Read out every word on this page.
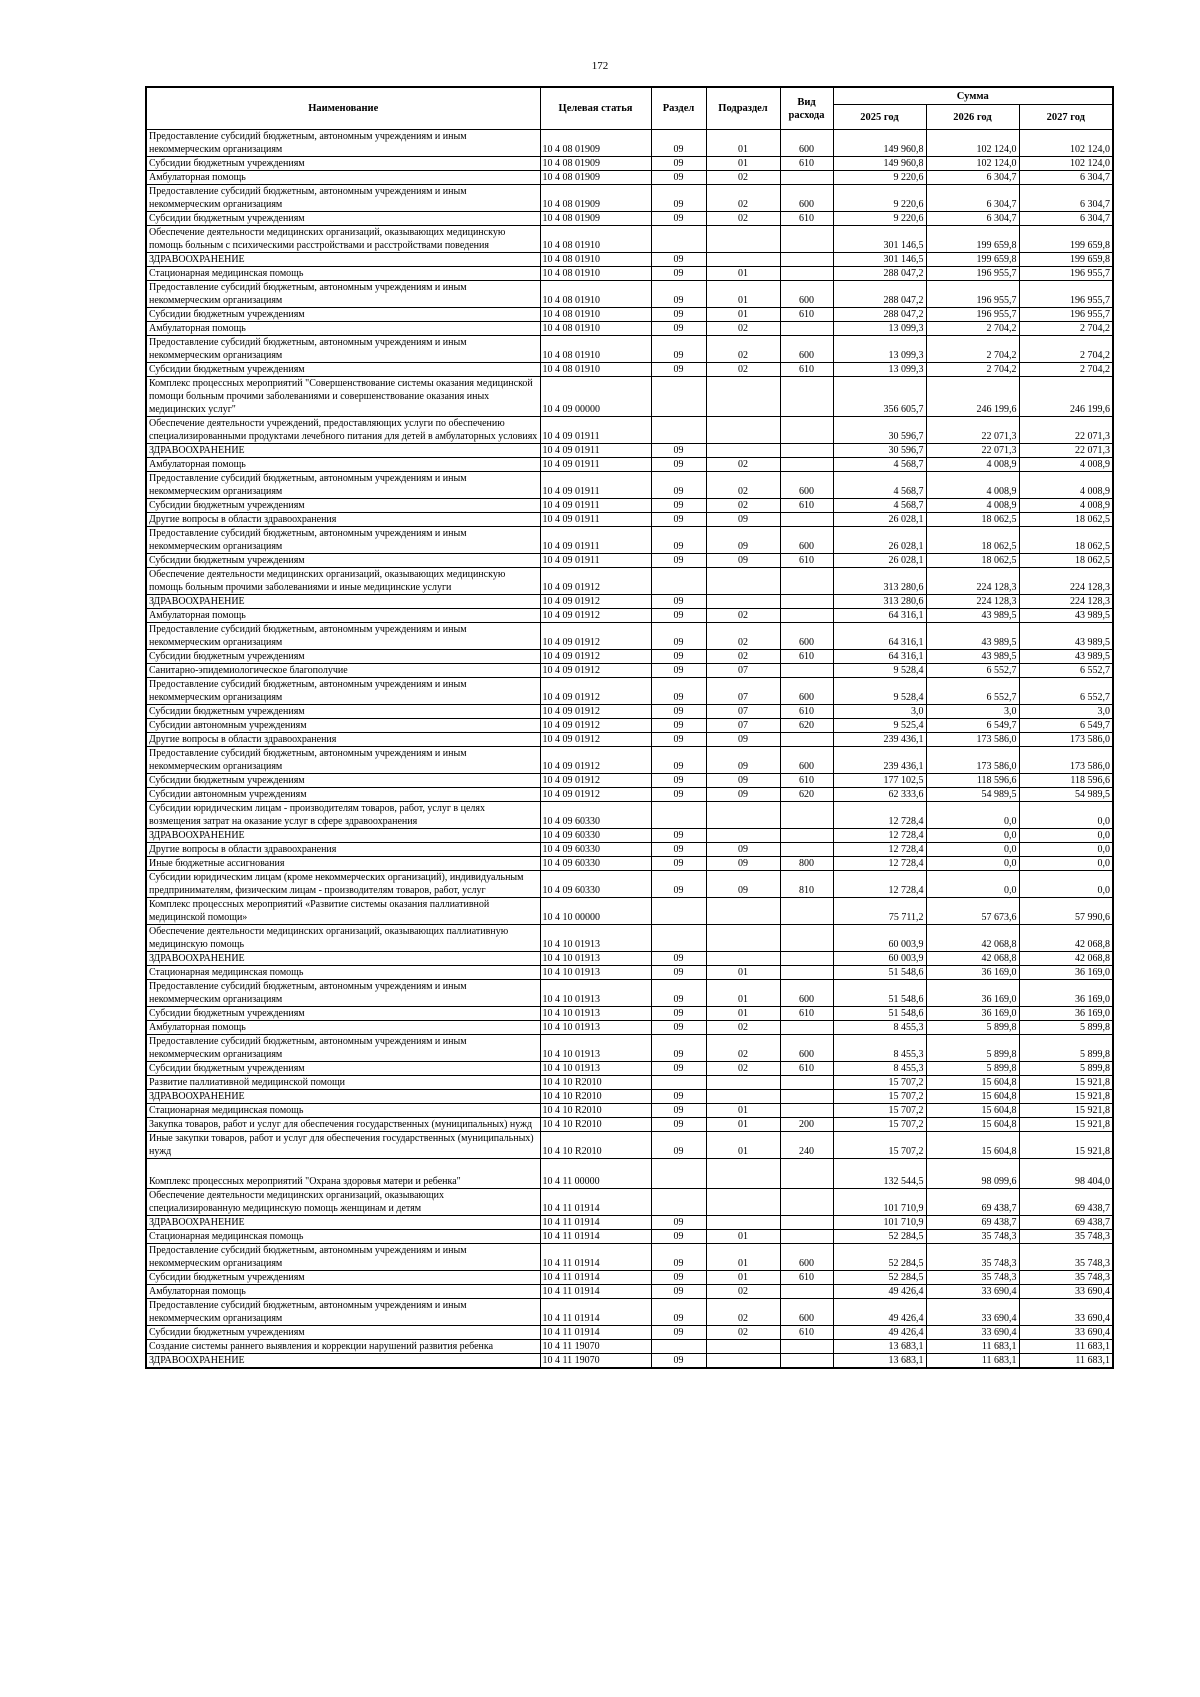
172
Наименование	Целевая статья	Раздел	Подраздел	Вид расхода	Сумма		
					2025 год	2026 год	2027 год
Предоставление субсидий бюджетным, автономным учреждениям и иным некоммерческим организациям	10 4 08 01909	09	01	600	149 960,8	102 124,0	102 124,0
Субсидии бюджетным учреждениям	10 4 08 01909	09	01	610	149 960,8	102 124,0	102 124,0
Амбулаторная помощь	10 4 08 01909	09	02		9 220,6	6 304,7	6 304,7
Предоставление субсидий бюджетным, автономным учреждениям и иным некоммерческим организациям	10 4 08 01909	09	02	600	9 220,6	6 304,7	6 304,7
Субсидии бюджетным учреждениям	10 4 08 01909	09	02	610	9 220,6	6 304,7	6 304,7
Обеспечение деятельности медицинских организаций, оказывающих медицинскую помощь больным с психическими расстройствами и расстройствами поведения	10 4 08 01910				301 146,5	199 659,8	199 659,8
ЗДРАВООХРАНЕНИЕ	10 4 08 01910	09			301 146,5	199 659,8	199 659,8
Стационарная медицинская помощь	10 4 08 01910	09	01		288 047,2	196 955,7	196 955,7
Предоставление субсидий бюджетным, автономным учреждениям и иным некоммерческим организациям	10 4 08 01910	09	01	600	288 047,2	196 955,7	196 955,7
Субсидии бюджетным учреждениям	10 4 08 01910	09	01	610	288 047,2	196 955,7	196 955,7
Амбулаторная помощь	10 4 08 01910	09	02		13 099,3	2 704,2	2 704,2
Предоставление субсидий бюджетным, автономным учреждениям и иным некоммерческим организациям	10 4 08 01910	09	02	600	13 099,3	2 704,2	2 704,2
Субсидии бюджетным учреждениям	10 4 08 01910	09	02	610	13 099,3	2 704,2	2 704,2
Комплекс процессных мероприятий "Совершенствование системы оказания медицинской помощи больным прочими заболеваниями и совершенствование оказания иных медицинских услуг"	10 4 09 00000				356 605,7	246 199,6	246 199,6
Обеспечение деятельности учреждений, предоставляющих услуги по обеспечению специализированными продуктами лечебного питания для детей в амбулаторных условиях	10 4 09 01911				30 596,7	22 071,3	22 071,3
ЗДРАВООХРАНЕНИЕ	10 4 09 01911	09			30 596,7	22 071,3	22 071,3
Амбулаторная помощь	10 4 09 01911	09	02		4 568,7	4 008,9	4 008,9
Предоставление субсидий бюджетным, автономным учреждениям и иным некоммерческим организациям	10 4 09 01911	09	02	600	4 568,7	4 008,9	4 008,9
Субсидии бюджетным учреждениям	10 4 09 01911	09	02	610	4 568,7	4 008,9	4 008,9
Другие вопросы в области здравоохранения	10 4 09 01911	09	09		26 028,1	18 062,5	18 062,5
Предоставление субсидий бюджетным, автономным учреждениям и иным некоммерческим организациям	10 4 09 01911	09	09	600	26 028,1	18 062,5	18 062,5
Субсидии бюджетным учреждениям	10 4 09 01911	09	09	610	26 028,1	18 062,5	18 062,5
Обеспечение деятельности медицинских организаций, оказывающих медицинскую помощь больным прочими заболеваниями и иные медицинские услуги	10 4 09 01912				313 280,6	224 128,3	224 128,3
ЗДРАВООХРАНЕНИЕ	10 4 09 01912	09			313 280,6	224 128,3	224 128,3
Амбулаторная помощь	10 4 09 01912	09	02		64 316,1	43 989,5	43 989,5
Предоставление субсидий бюджетным, автономным учреждениям и иным некоммерческим организациям	10 4 09 01912	09	02	600	64 316,1	43 989,5	43 989,5
Субсидии бюджетным учреждениям	10 4 09 01912	09	02	610	64 316,1	43 989,5	43 989,5
Санитарно-эпидемиологическое благополучие	10 4 09 01912	09	07		9 528,4	6 552,7	6 552,7
Предоставление субсидий бюджетным, автономным учреждениям и иным некоммерческим организациям	10 4 09 01912	09	07	600	9 528,4	6 552,7	6 552,7
Субсидии бюджетным учреждениям	10 4 09 01912	09	07	610	3,0	3,0	3,0
Субсидии автономным учреждениям	10 4 09 01912	09	07	620	9 525,4	6 549,7	6 549,7
Другие вопросы в области здравоохранения	10 4 09 01912	09	09		239 436,1	173 586,0	173 586,0
Предоставление субсидий бюджетным, автономным учреждениям и иным некоммерческим организациям	10 4 09 01912	09	09	600	239 436,1	173 586,0	173 586,0
Субсидии бюджетным учреждениям	10 4 09 01912	09	09	610	177 102,5	118 596,6	118 596,6
Субсидии автономным учреждениям	10 4 09 01912	09	09	620	62 333,6	54 989,5	54 989,5
Субсидии юридическим лицам - производителям товаров, работ, услуг в целях возмещения затрат на оказание услуг в сфере здравоохранения	10 4 09 60330				12 728,4	0,0	0,0
ЗДРАВООХРАНЕНИЕ	10 4 09 60330	09			12 728,4	0,0	0,0
Другие вопросы в области здравоохранения	10 4 09 60330	09	09		12 728,4	0,0	0,0
Иные бюджетные ассигнования	10 4 09 60330	09	09	800	12 728,4	0,0	0,0
Субсидии юридическим лицам (кроме некоммерческих организаций), индивидуальным предпринимателям, физическим лицам - производителям товаров, работ, услуг	10 4 09 60330	09	09	810	12 728,4	0,0	0,0
Комплекс процессных мероприятий «Развитие системы оказания паллиативной медицинской помощи»	10 4 10 00000				75 711,2	57 673,6	57 990,6
Обеспечение деятельности медицинских организаций, оказывающих паллиативную медицинскую помощь	10 4 10 01913				60 003,9	42 068,8	42 068,8
ЗДРАВООХРАНЕНИЕ	10 4 10 01913	09			60 003,9	42 068,8	42 068,8
Стационарная медицинская помощь	10 4 10 01913	09	01		51 548,6	36 169,0	36 169,0
Предоставление субсидий бюджетным, автономным учреждениям и иным некоммерческим организациям	10 4 10 01913	09	01	600	51 548,6	36 169,0	36 169,0
Субсидии бюджетным учреждениям	10 4 10 01913	09	01	610	51 548,6	36 169,0	36 169,0
Амбулаторная помощь	10 4 10 01913	09	02		8 455,3	5 899,8	5 899,8
Предоставление субсидий бюджетным, автономным учреждениям и иным некоммерческим организациям	10 4 10 01913	09	02	600	8 455,3	5 899,8	5 899,8
Субсидии бюджетным учреждениям	10 4 10 01913	09	02	610	8 455,3	5 899,8	5 899,8
Развитие паллиативной медицинской помощи	10 4 10 R2010				15 707,2	15 604,8	15 921,8
ЗДРАВООХРАНЕНИЕ	10 4 10 R2010	09			15 707,2	15 604,8	15 921,8
Стационарная медицинская помощь	10 4 10 R2010	09	01		15 707,2	15 604,8	15 921,8
Закупка товаров, работ и услуг для обеспечения государственных (муниципальных) нужд	10 4 10 R2010	09	01	200	15 707,2	15 604,8	15 921,8
Иные закупки товаров, работ и услуг для обеспечения государственных (муниципальных) нужд	10 4 10 R2010	09	01	240	15 707,2	15 604,8	15 921,8
Комплекс процессных мероприятий "Охрана здоровья матери и ребенка"	10 4 11 00000				132 544,5	98 099,6	98 404,0
Обеспечение деятельности медицинских организаций, оказывающих специализированную медицинскую помощь женщинам и детям	10 4 11 01914				101 710,9	69 438,7	69 438,7
ЗДРАВООХРАНЕНИЕ	10 4 11 01914	09			101 710,9	69 438,7	69 438,7
Стационарная медицинская помощь	10 4 11 01914	09	01		52 284,5	35 748,3	35 748,3
Предоставление субсидий бюджетным, автономным учреждениям и иным некоммерческим организациям	10 4 11 01914	09	01	600	52 284,5	35 748,3	35 748,3
Субсидии бюджетным учреждениям	10 4 11 01914	09	01	610	52 284,5	35 748,3	35 748,3
Амбулаторная помощь	10 4 11 01914	09	02		49 426,4	33 690,4	33 690,4
Предоставление субсидий бюджетным, автономным учреждениям и иным некоммерческим организациям	10 4 11 01914	09	02	600	49 426,4	33 690,4	33 690,4
Субсидии бюджетным учреждениям	10 4 11 01914	09	02	610	49 426,4	33 690,4	33 690,4
Создание системы раннего выявления и коррекции нарушений развития ребенка	10 4 11 19070				13 683,1	11 683,1	11 683,1
ЗДРАВООХРАНЕНИЕ	10 4 11 19070	09			13 683,1	11 683,1	11 683,1
